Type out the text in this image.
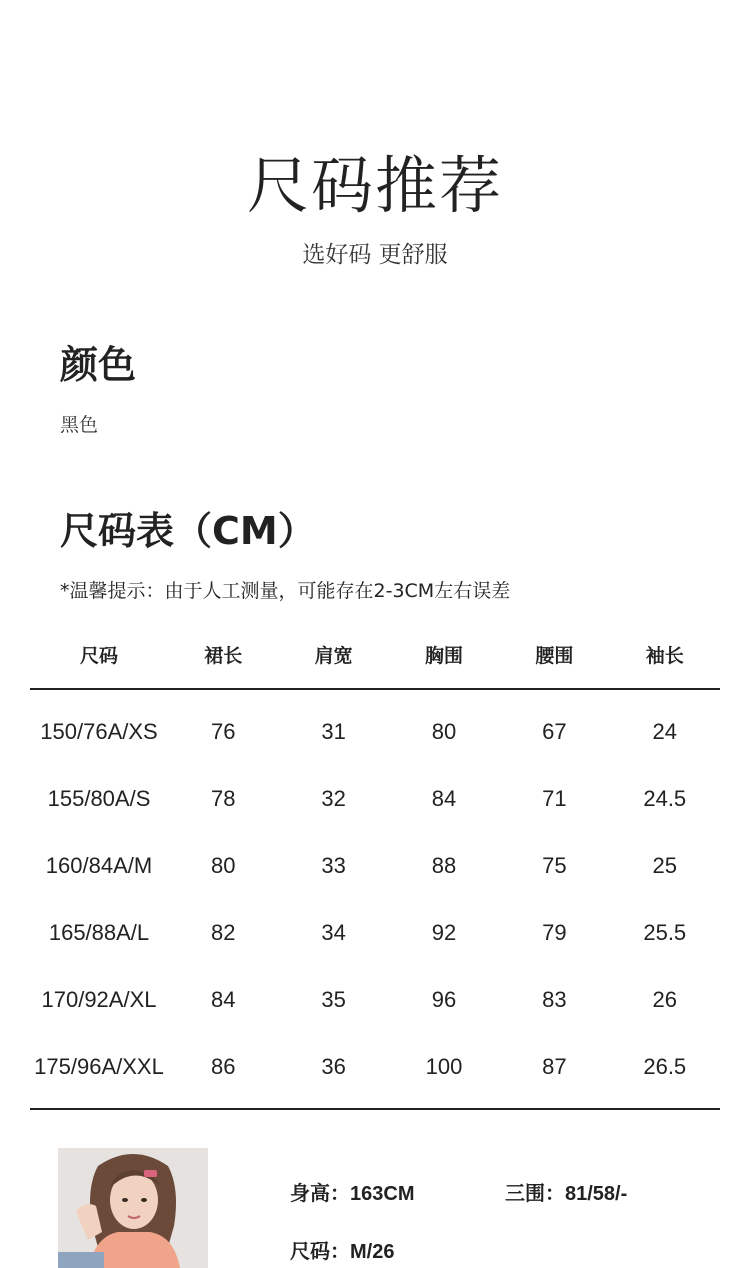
尺码推荐
选好码 更舒服
颜色
黑色
尺码表（CM）
*温馨提示：由于人工测量，可能存在2-3CM左右误差
尺码	裙长	肩宽	胸围	腰围	袖长
150/76A/XS	76	31	80	67	24
155/80A/S	78	32	84	71	24.5
160/84A/M	80	33	88	75	25
165/88A/L	82	34	92	79	25.5
170/92A/XL	84	35	96	83	26
175/96A/XXL	86	36	100	87	26.5
身高：163CM	三围：81/58/-
尺码：M/26
